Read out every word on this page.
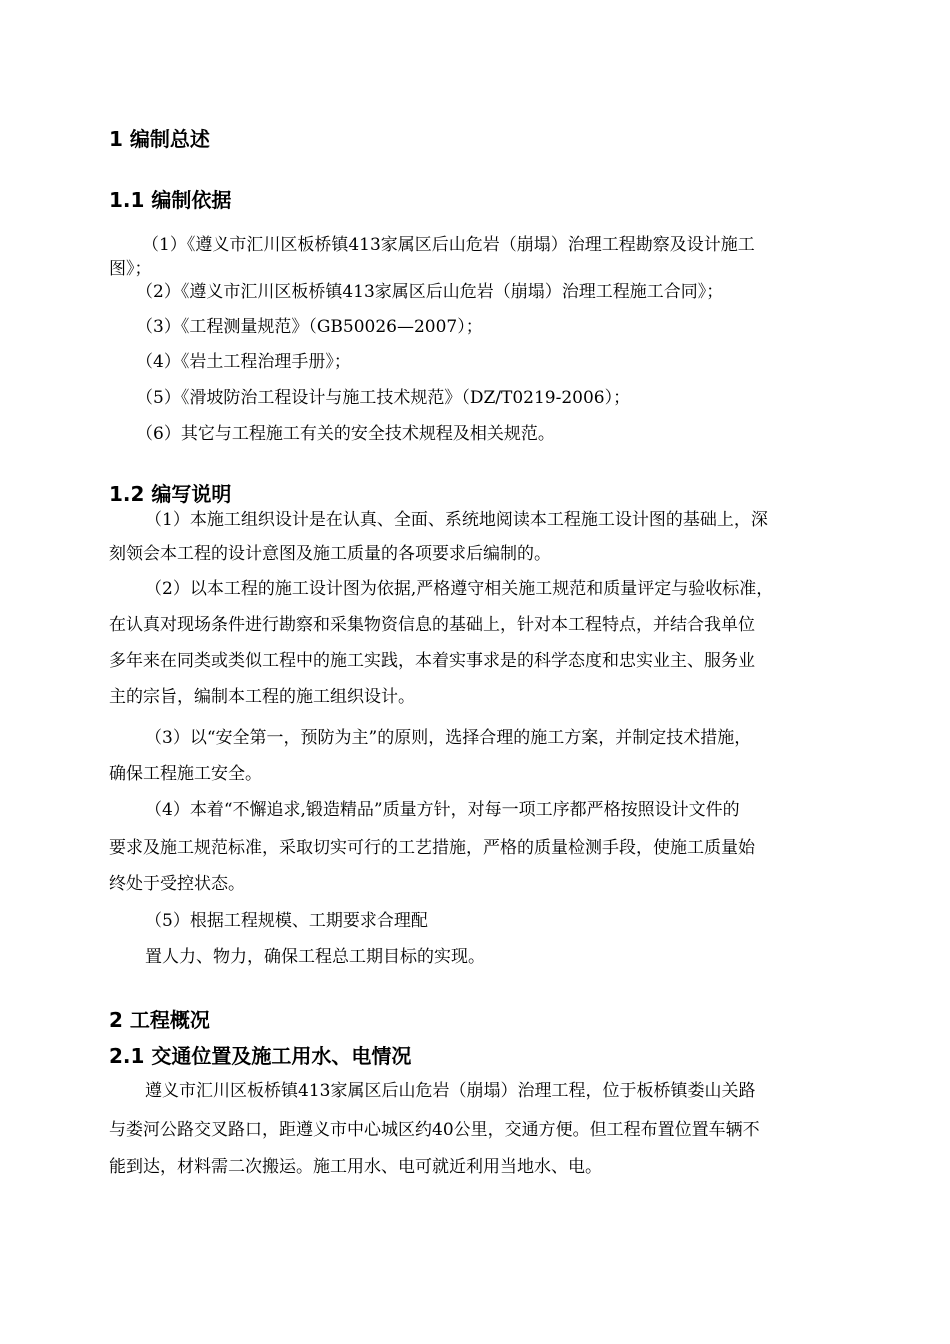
1 编制总述
1.1 编制依据
（1）《遵义市汇川区板桥镇413家属区后山危岩（崩塌）治理工程勘察及设计施工
图》；
（2）《遵义市汇川区板桥镇413家属区后山危岩（崩塌）治理工程施工合同》；
（3）《工程测量规范》（GB50026—2007）；
（4）《岩土工程治理手册》；
（5）《滑坡防治工程设计与施工技术规范》（DZ/T0219-2006）；
（6）其它与工程施工有关的安全技术规程及相关规范。
1.2 编写说明
（1）本施工组织设计是在认真、全面、系统地阅读本工程施工设计图的基础上，深
刻领会本工程的设计意图及施工质量的各项要求后编制的。
（2）以本工程的施工设计图为依据,严格遵守相关施工规范和质量评定与验收标准，
在认真对现场条件进行勘察和采集物资信息的基础上，针对本工程特点，并结合我单位
多年来在同类或类似工程中的施工实践，本着实事求是的科学态度和忠实业主、服务业
主的宗旨，编制本工程的施工组织设计。
（3）以“安全第一，预防为主”的原则，选择合理的施工方案，并制定技术措施，
确保工程施工安全。
（4）本着“不懈追求,锻造精品”质量方针，对每一项工序都严格按照设计文件的
要求及施工规范标准，采取切实可行的工艺措施，严格的质量检测手段，使施工质量始
终处于受控状态。
（5）根据工程规模、工期要求合理配
置人力、物力，确保工程总工期目标的实现。
2 工程概况
2.1 交通位置及施工用水、电情况
遵义市汇川区板桥镇413家属区后山危岩（崩塌）治理工程，位于板桥镇娄山关路
与娄河公路交叉路口，距遵义市中心城区约40公里，交通方便。但工程布置位置车辆不
能到达，材料需二次搬运。施工用水、电可就近利用当地水、电。
